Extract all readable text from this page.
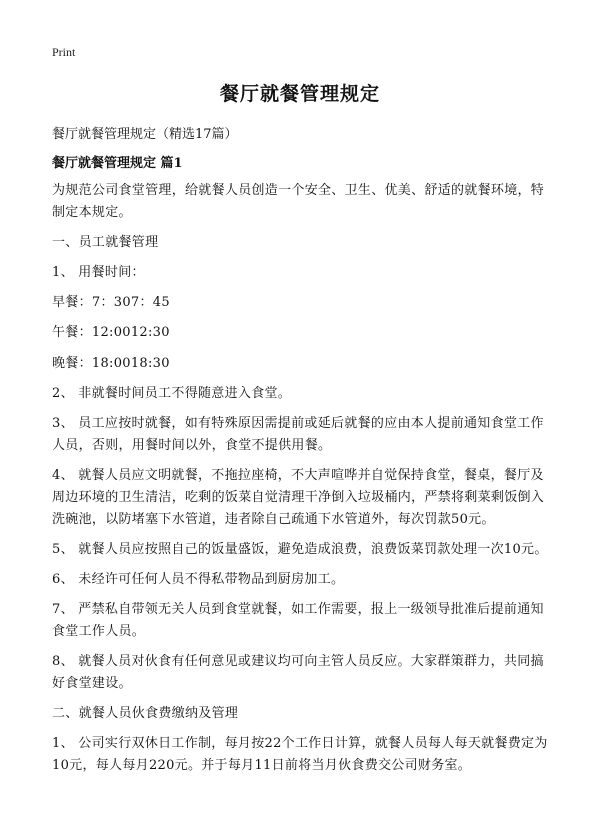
Print
餐厅就餐管理规定
餐厅就餐管理规定（精选17篇）
餐厅就餐管理规定 篇1
为规范公司食堂管理，给就餐人员创造一个安全、卫生、优美、舒适的就餐环境，特制定本规定。
一、员工就餐管理
1、 用餐时间：
早餐：7：307：45
午餐：12:0012:30
晚餐：18:0018:30
2、 非就餐时间员工不得随意进入食堂。
3、 员工应按时就餐，如有特殊原因需提前或延后就餐的应由本人提前通知食堂工作人员，否则，用餐时间以外，食堂不提供用餐。
4、 就餐人员应文明就餐，不拖拉座椅，不大声喧哗并自觉保持食堂，餐桌，餐厅及周边环境的卫生清洁，吃剩的饭菜自觉清理干净倒入垃圾桶内，严禁将剩菜剩饭倒入洗碗池，以防堵塞下水管道，违者除自己疏通下水管道外，每次罚款50元。
5、 就餐人员应按照自己的饭量盛饭，避免造成浪费，浪费饭菜罚款处理一次10元。
6、 未经许可任何人员不得私带物品到厨房加工。
7、 严禁私自带领无关人员到食堂就餐，如工作需要，报上一级领导批准后提前通知食堂工作人员。
8、 就餐人员对伙食有任何意见或建议均可向主管人员反应。大家群策群力，共同搞好食堂建设。
二、就餐人员伙食费缴纳及管理
1、 公司实行双休日工作制，每月按22个工作日计算，就餐人员每人每天就餐费定为10元，每人每月220元。并于每月11日前将当月伙食费交公司财务室。
